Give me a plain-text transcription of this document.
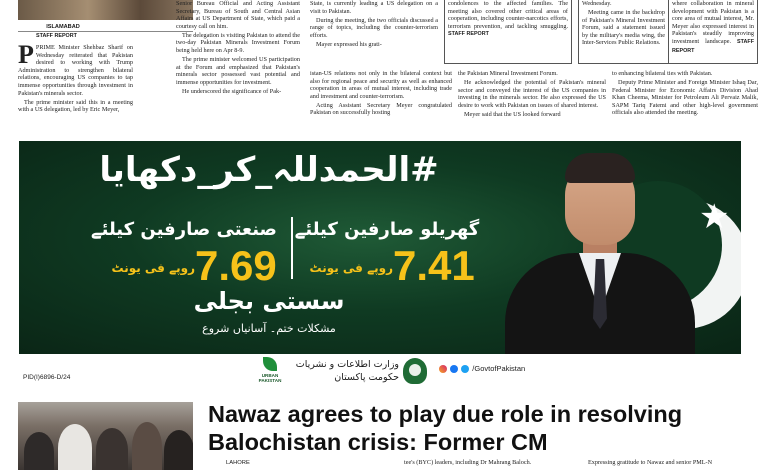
ISLAMABAD
STAFF REPORT

PPRIME Minister Shehbaz Sharif on Wednesday reiterated that Pakistan desired to working with Trump Administration to strengthen bilateral relations, encouraging US companies to tap immense opportunities through investment in Pakistan's minerals sector.

The prime minister said this in a meeting with a US delegation, led by Eric Meyer,

Senior Bureau Official and Acting Assistant Secretary, Bureau of South and Central Asian Affairs at US Department of State, which paid a courtesy call on him.

The delegation is visiting Pakistan to attend the two-day Pakistan Minerals Investment Forum being held here on Apr 8-9.

The prime minister welcomed US participation at the Forum and emphasized that Pakistan's minerals sector possessed vast potential and immense opportunities for investment.

He underscored the significance of Pak-

State, is currently leading a US delegation on a visit to Pakistan.

During the meeting, the two officials discussed a range of topics, including the counter-terrorism efforts.

Mayer expressed his grati-

condolences to the affected families. The meeting also covered other critical areas of cooperation, including counter-narcotics efforts, terrorism prevention, and tackling smuggling. STAFF REPORT

Wednesday.

Meeting came in the backdrop of Pakistan's Mineral Investment Forum, said a statement issued by the military's media wing, the Inter-Services Public Relations.

where collaboration in mineral development with Pakistan is a core area of mutual interest, Mr. Meyer also expressed interest in Pakistan's steadily improving investment landscape. STAFF REPORT

istan-US relations not only in the bilateral context but also for regional peace and security as well as enhanced cooperation in areas of mutual interest, including trade and investment and counter-terrorism.

Acting Assistant Secretary Meyer congratulated Pakistan on successfully hosting

the Pakistan Mineral Investment Forum.

He acknowledged the potential of Pakistan's mineral sector and conveyed the interest of the US companies in investing in the minerals sector. He also expressed the US desire to work with Pakistan on issues of shared interest.

Meyer said that the US looked forward

to enhancing bilateral ties with Pakistan.

Deputy Prime Minister and Foreign Minister Ishaq Dar, Federal Minister for Economic Affairs Division Ahad Khan Cheema, Minister for Petroleum Ali Pervaiz Malik, SAPM Tariq Fatemi and other high-level government officials also attended the meeting.

★
#الحمدللہ_کر_دکھایا
گھریلو صارفین کیلئے
صنعتی صارفین کیلئے
7.41
روپے فی یونٹ
7.69
روپے فی یونٹ
سستی بجلی
مشکلات ختم۔ آسانیاں شروع
PID(I)6896-D/24	URBAN PAKISTAN
وزارت اطلاعات و نشریات
حکومت پاکستان
/GovtofPakistan
Nawaz agrees to play due role in resolving Balochistan crisis: Former CM
LAHORE	tee's (BYC) leaders, including Dr Mahrang Baloch.	Expressing gratitude to Nawaz and senior PML-N
